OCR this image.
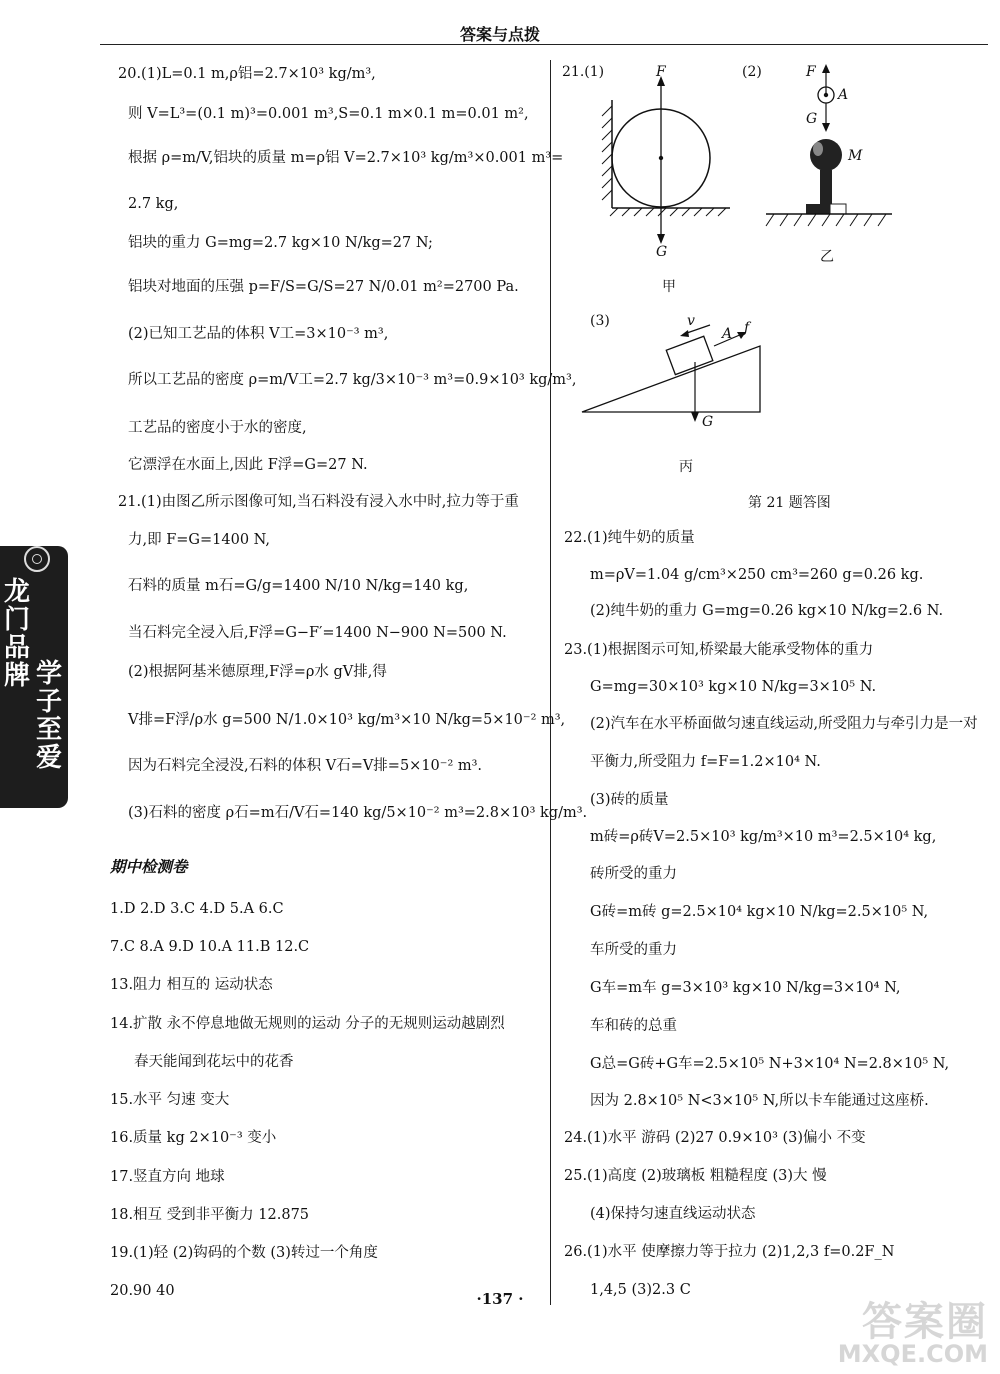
答案与点拨
龙门品牌 学子至爱
20.(1)L=0.1 m,ρ铝=2.7×10³ kg/m³,
则 V=L³=(0.1 m)³=0.001 m³,S=0.1 m×0.1 m=0.01 m²,
根据 ρ=m/V,铝块的质量 m=ρ铝 V=2.7×10³ kg/m³×0.001 m³=
2.7 kg,
铝块的重力 G=mg=2.7 kg×10 N/kg=27 N;
铝块对地面的压强 p=F/S=G/S=27 N/0.01 m²=2700 Pa.
(2)已知工艺品的体积 V工=3×10⁻³ m³,
所以工艺品的密度 ρ=m/V工=2.7 kg/3×10⁻³ m³=0.9×10³ kg/m³,
工艺品的密度小于水的密度,
它漂浮在水面上,因此 F浮=G=27 N.
21.(1)由图乙所示图像可知,当石料没有浸入水中时,拉力等于重
力,即 F=G=1400 N,
石料的质量 m石=G/g=1400 N/10 N/kg=140 kg,
当石料完全浸入后,F浮=G−F′=1400 N−900 N=500 N.
(2)根据阿基米德原理,F浮=ρ水 gV排,得
V排=F浮/ρ水 g=500 N/1.0×10³ kg/m³×10 N/kg=5×10⁻² m³,
因为石料完全浸没,石料的体积 V石=V排=5×10⁻² m³.
(3)石料的密度 ρ石=m石/V石=140 kg/5×10⁻² m³=2.8×10³ kg/m³.
期中检测卷
1.D 2.D 3.C 4.D 5.A 6.C
7.C 8.A 9.D 10.A 11.B 12.C
13.阻力 相互的 运动状态
14.扩散 永不停息地做无规则的运动 分子的无规则运动越剧烈
春天能闻到花坛中的花香
15.水平 匀速 变大
16.质量 kg 2×10⁻³ 变小
17.竖直方向 地球
18.相互 受到非平衡力 12.875
19.(1)轻 (2)钩码的个数 (3)转过一个角度
20.90 40
21.(1)	(2)
F
G
甲
F
A
G
M
乙
(3)	v
A f
G
丙
第 21 题答图
22.(1)纯牛奶的质量
m=ρV=1.04 g/cm³×250 cm³=260 g=0.26 kg.
(2)纯牛奶的重力 G=mg=0.26 kg×10 N/kg=2.6 N.
23.(1)根据图示可知,桥梁最大能承受物体的重力
G=mg=30×10³ kg×10 N/kg=3×10⁵ N.
(2)汽车在水平桥面做匀速直线运动,所受阻力与牵引力是一对
平衡力,所受阻力 f=F=1.2×10⁴ N.
(3)砖的质量
m砖=ρ砖V=2.5×10³ kg/m³×10 m³=2.5×10⁴ kg,
砖所受的重力
G砖=m砖 g=2.5×10⁴ kg×10 N/kg=2.5×10⁵ N,
车所受的重力
G车=m车 g=3×10³ kg×10 N/kg=3×10⁴ N,
车和砖的总重
G总=G砖+G车=2.5×10⁵ N+3×10⁴ N=2.8×10⁵ N,
因为 2.8×10⁵ N<3×10⁵ N,所以卡车能通过这座桥.
24.(1)水平 游码 (2)27 0.9×10³ (3)偏小 不变
25.(1)高度 (2)玻璃板 粗糙程度 (3)大 慢
(4)保持匀速直线运动状态
26.(1)水平 使摩擦力等于拉力 (2)1,2,3 f=0.2F_N
1,4,5 (3)2.3 C
·137 ·	答案圈
MXQE.COM
